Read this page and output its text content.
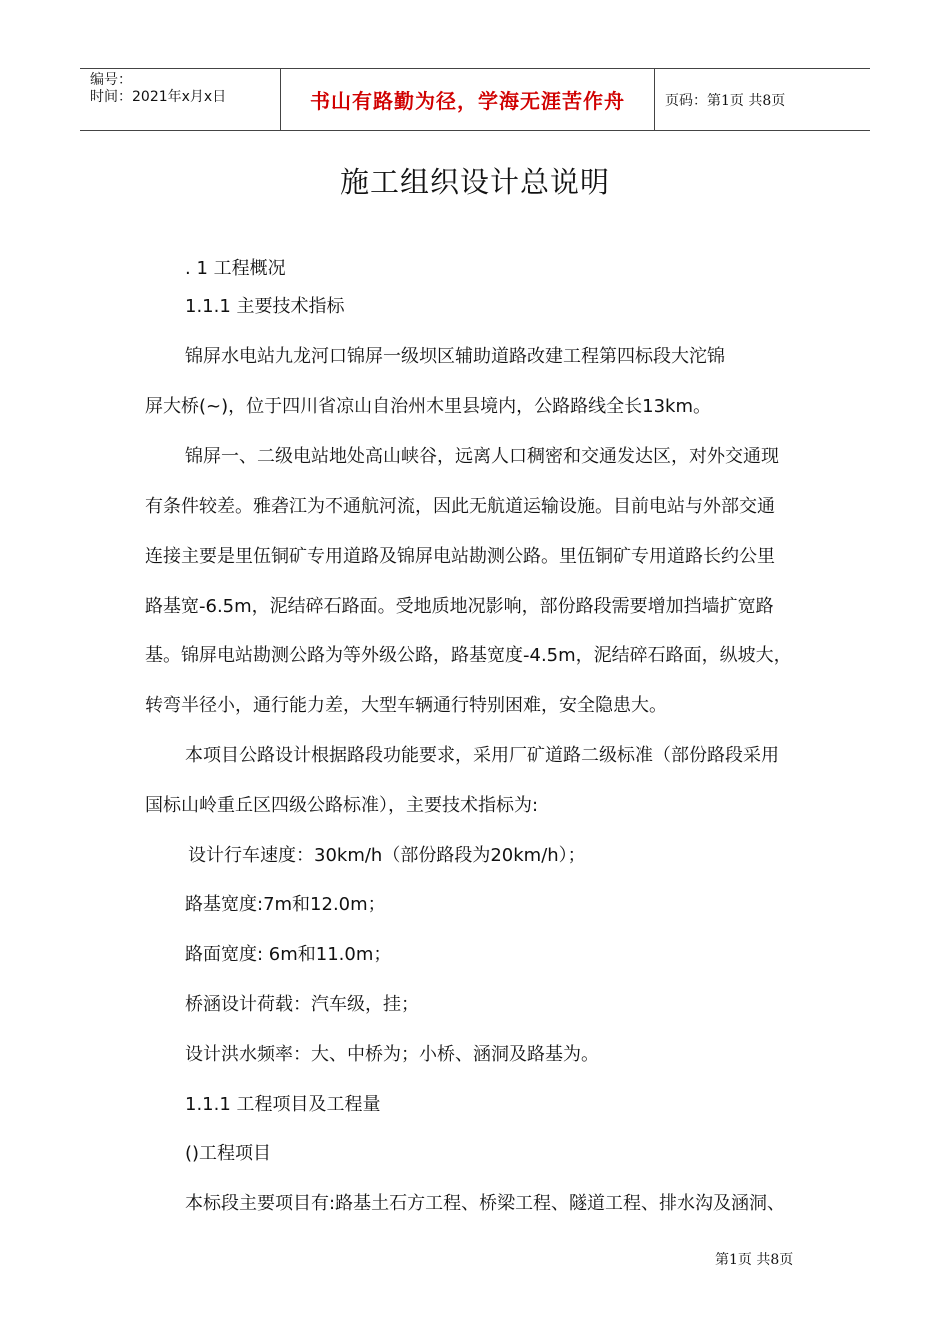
编号：
时间：2021年x月x日	书山有路勤为径，学海无涯苦作舟	页码：第1页 共8页
施工组织设计总说明
. 1 工程概况
1.1.1 主要技术指标
锦屏水电站九龙河口锦屏一级坝区辅助道路改建工程第四标段大沱锦
屏大桥(~)，位于四川省凉山自治州木里县境内，公路路线全长13km。
锦屏一、二级电站地处高山峡谷，远离人口稠密和交通发达区，对外交通现
有条件较差。雅砻江为不通航河流，因此无航道运输设施。目前电站与外部交通
连接主要是里伍铜矿专用道路及锦屏电站勘测公路。里伍铜矿专用道路长约公里
路基宽-6.5m，泥结碎石路面。受地质地况影响，部份路段需要增加挡墙扩宽路
基。锦屏电站勘测公路为等外级公路，路基宽度-4.5m，泥结碎石路面，纵坡大，
转弯半径小，通行能力差，大型车辆通行特别困难，安全隐患大。
本项目公路设计根据路段功能要求，采用厂矿道路二级标准（部份路段采用
国标山岭重丘区四级公路标准），主要技术指标为:
设计行车速度：30km/h（部份路段为20km/h）；
路基宽度:7m和12.0m；
路面宽度: 6m和11.0m；
桥涵设计荷载：汽车级，挂；
设计洪水频率：大、中桥为；小桥、涵洞及路基为。
1.1.1 工程项目及工程量
()工程项目
本标段主要项目有:路基土石方工程、桥梁工程、隧道工程、排水沟及涵洞、
第1页 共8页
